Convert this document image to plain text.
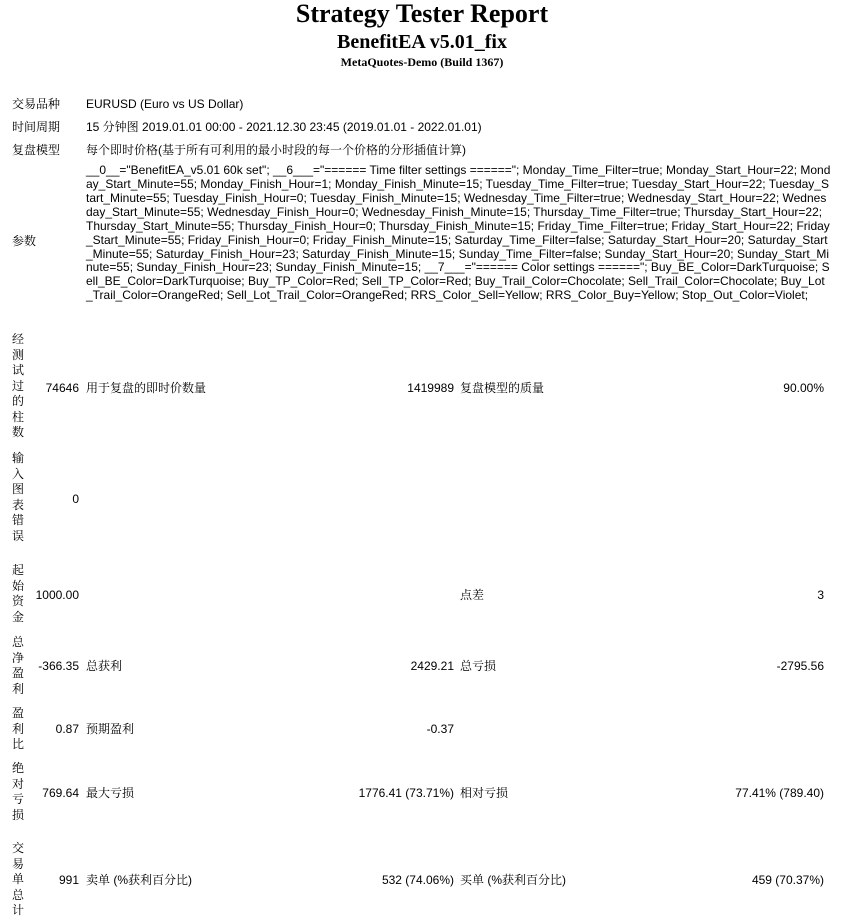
Strategy Tester Report
BenefitEA v5.01_fix
MetaQuotes-Demo (Build 1367)
交易品种 EURUSD (Euro vs US Dollar)
时间周期 15 分钟图 2019.01.01 00:00 - 2021.12.30 23:45 (2019.01.01 - 2022.01.01)
复盘模型 每个即时价格(基于所有可利用的最小时段的每一个价格的分形插值计算)
参数
__0__="BenefitEA_v5.01 60k set"; __6___="====== Time filter settings ======"; Monday_Time_Filter=true; Monday_Start_Hour=22; Monday_Start_Minute=55; Monday_Finish_Hour=1; Monday_Finish_Minute=15; Tuesday_Time_Filter=true; Tuesday_Start_Hour=22; Tuesday_Start_Minute=55; Tuesday_Finish_Hour=0; Tuesday_Finish_Minute=15; Wednesday_Time_Filter=true; Wednesday_Start_Hour=22; Wednesday_Start_Minute=55; Wednesday_Finish_Hour=0; Wednesday_Finish_Minute=15; Thursday_Time_Filter=true; Thursday_Start_Hour=22; Thursday_Start_Minute=55; Thursday_Finish_Hour=0; Thursday_Finish_Minute=15; Friday_Time_Filter=true; Friday_Start_Hour=22; Friday_Start_Minute=55; Friday_Finish_Hour=0; Friday_Finish_Minute=15; Saturday_Time_Filter=false; Saturday_Start_Hour=20; Saturday_Start_Minute=55; Saturday_Finish_Hour=23; Saturday_Finish_Minute=15; Sunday_Time_Filter=false; Sunday_Start_Hour=20; Sunday_Start_Minute=55; Sunday_Finish_Hour=23; Sunday_Finish_Minute=15; __7___="====== Color settings ======"; Buy_BE_Color=DarkTurquoise; Sell_BE_Color=DarkTurquoise; Buy_TP_Color=Red; Sell_TP_Color=Red; Buy_Trail_Color=Chocolate; Sell_Trail_Color=Chocolate; Buy_Lot_Trail_Color=OrangeRed; Sell_Lot_Trail_Color=OrangeRed; RRS_Color_Sell=Yellow; RRS_Color_Buy=Yellow; Stop_Out_Color=Violet;
经
测
试
过
的
柱
数
74646 用于复盘的即时价数量	1419989 复盘模型的质量	90.00%
输
入
图
表
错
误
0
起
始
资
金
1000.00	点差	3
总
净
盈
利
-366.35 总获利	2429.21 总亏损	-2795.56
盈
利
比
0.87 预期盈利	-0.37
绝
对
亏
损
769.64 最大亏损	1776.41 (73.71%) 相对亏损	77.41% (789.40)
交
易
单
总
计
991 卖单 (%获利百分比)	532 (74.06%) 买单 (%获利百分比)	459 (70.37%)
